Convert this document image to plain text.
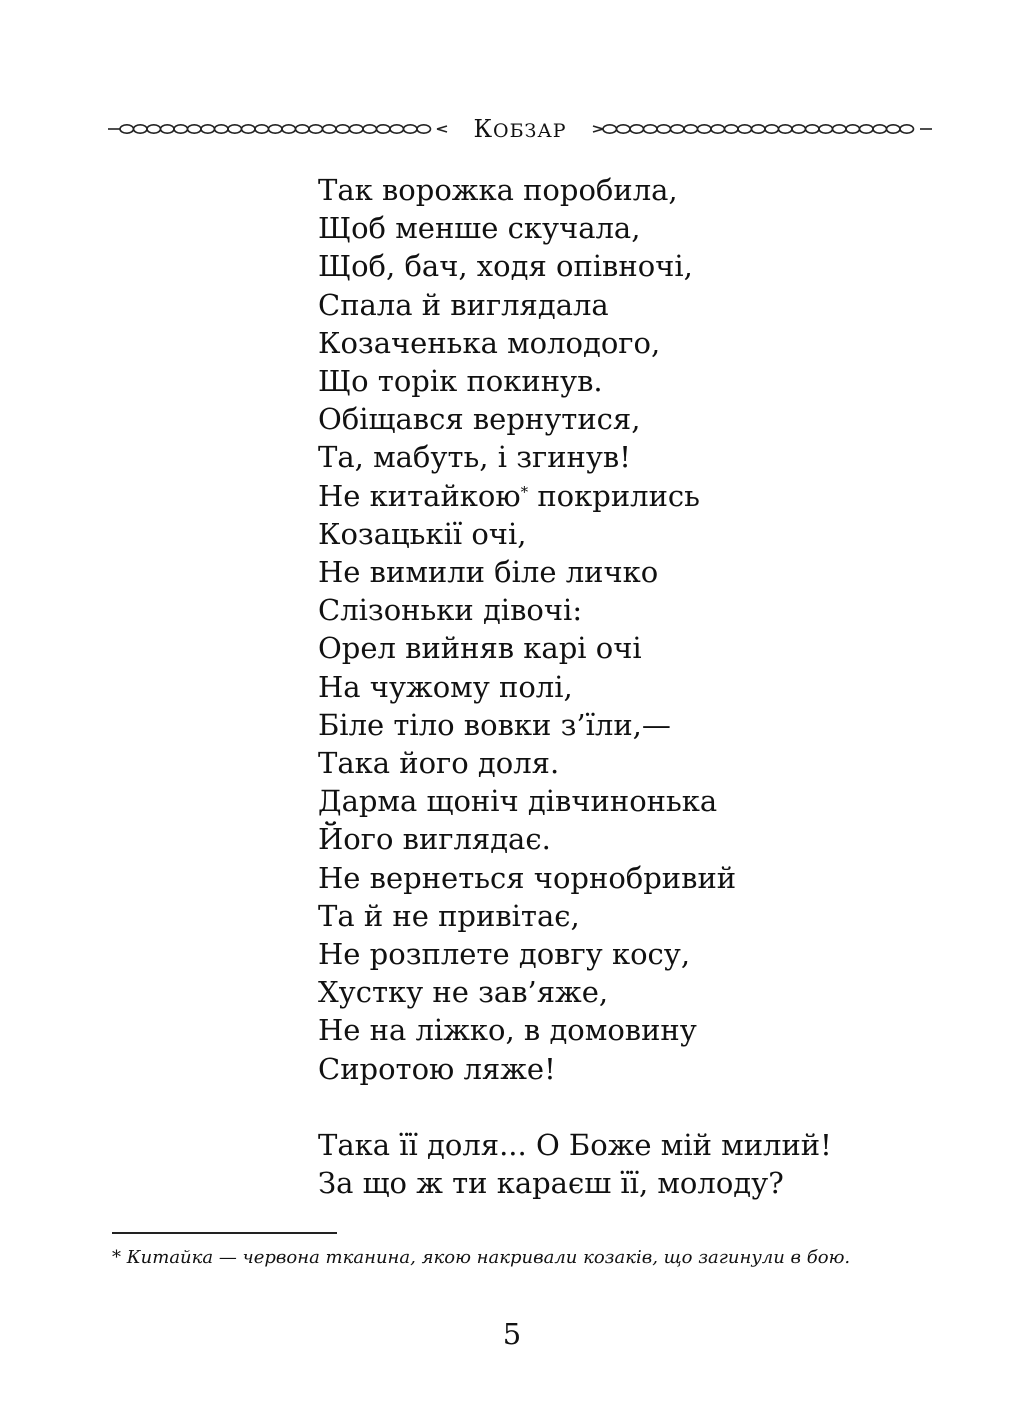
КОБЗАР
Так ворожка поробила,
Щоб менше скучала,
Щоб, бач, ходя опівночі,
Спала й виглядала
Козаченька молодого,
Що торік покинув.
Обіщався вернутися,
Та, мабуть, і згинув!
Не китайкою* покрились
Козацькії очі,
Не вимили біле личко
Слізоньки дівочі:
Орел вийняв карі очі
На чужому полі,
Біле тіло вовки з’їли,—
Така його доля.
Дарма щоніч дівчинонька
Його виглядає.
Не вернеться чорнобривий
Та й не привітає,
Не розплете довгу косу,
Хустку не зав’яже,
Не на ліжко, в домовину
Сиротою ляже!
Така її доля... О Боже мій милий!
За що ж ти караєш її, молоду?
* Китайка — червона тканина, якою накривали козаків, що загинули в бою.
5
